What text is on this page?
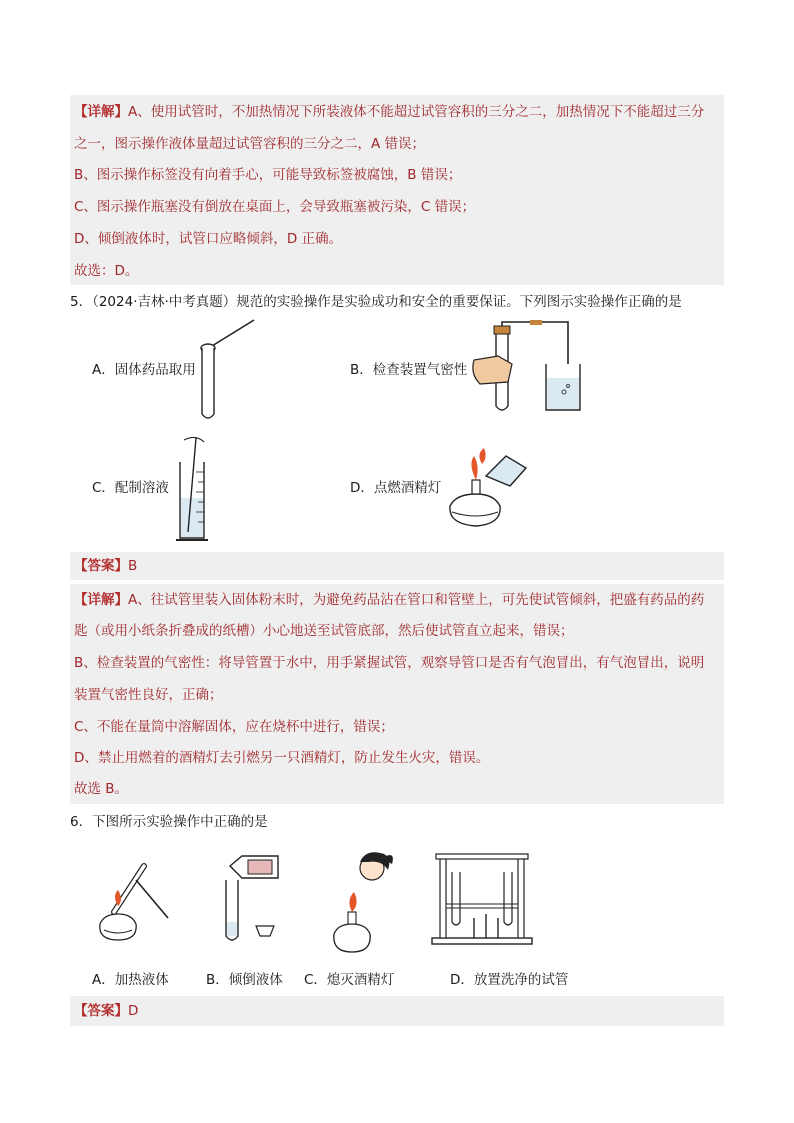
【详解】A、使用试管时，不加热情况下所装液体不能超过试管容积的三分之二，加热情况下不能超过三分
之一，图示操作液体量超过试管容积的三分之二，A 错误；
B、图示操作标签没有向着手心，可能导致标签被腐蚀，B 错误；
C、图示操作瓶塞没有倒放在桌面上，会导致瓶塞被污染，C 错误；
D、倾倒液体时，试管口应略倾斜，D 正确。
故选：D。
5．（2024·吉林·中考真题）规范的实验操作是实验成功和安全的重要保证。下列图示实验操作正确的是
A．固体药品取用	B．检查装置气密性
C．配制溶液	D．点燃酒精灯
【答案】B
【详解】A、往试管里装入固体粉末时，为避免药品沾在管口和管壁上，可先使试管倾斜，把盛有药品的药
匙（或用小纸条折叠成的纸槽）小心地送至试管底部，然后使试管直立起来，错误；
B、检查装置的气密性：将导管置于水中，用手紧握试管，观察导管口是否有气泡冒出，有气泡冒出，说明
装置气密性良好，正确；
C、不能在量筒中溶解固体，应在烧杯中进行，错误；
D、禁止用燃着的酒精灯去引燃另一只酒精灯，防止发生火灾，错误。
故选 B。
6．下图所示实验操作中正确的是
A．加热液体	B．倾倒液体 C．熄灭酒精灯	D．放置洗净的试管
【答案】D
